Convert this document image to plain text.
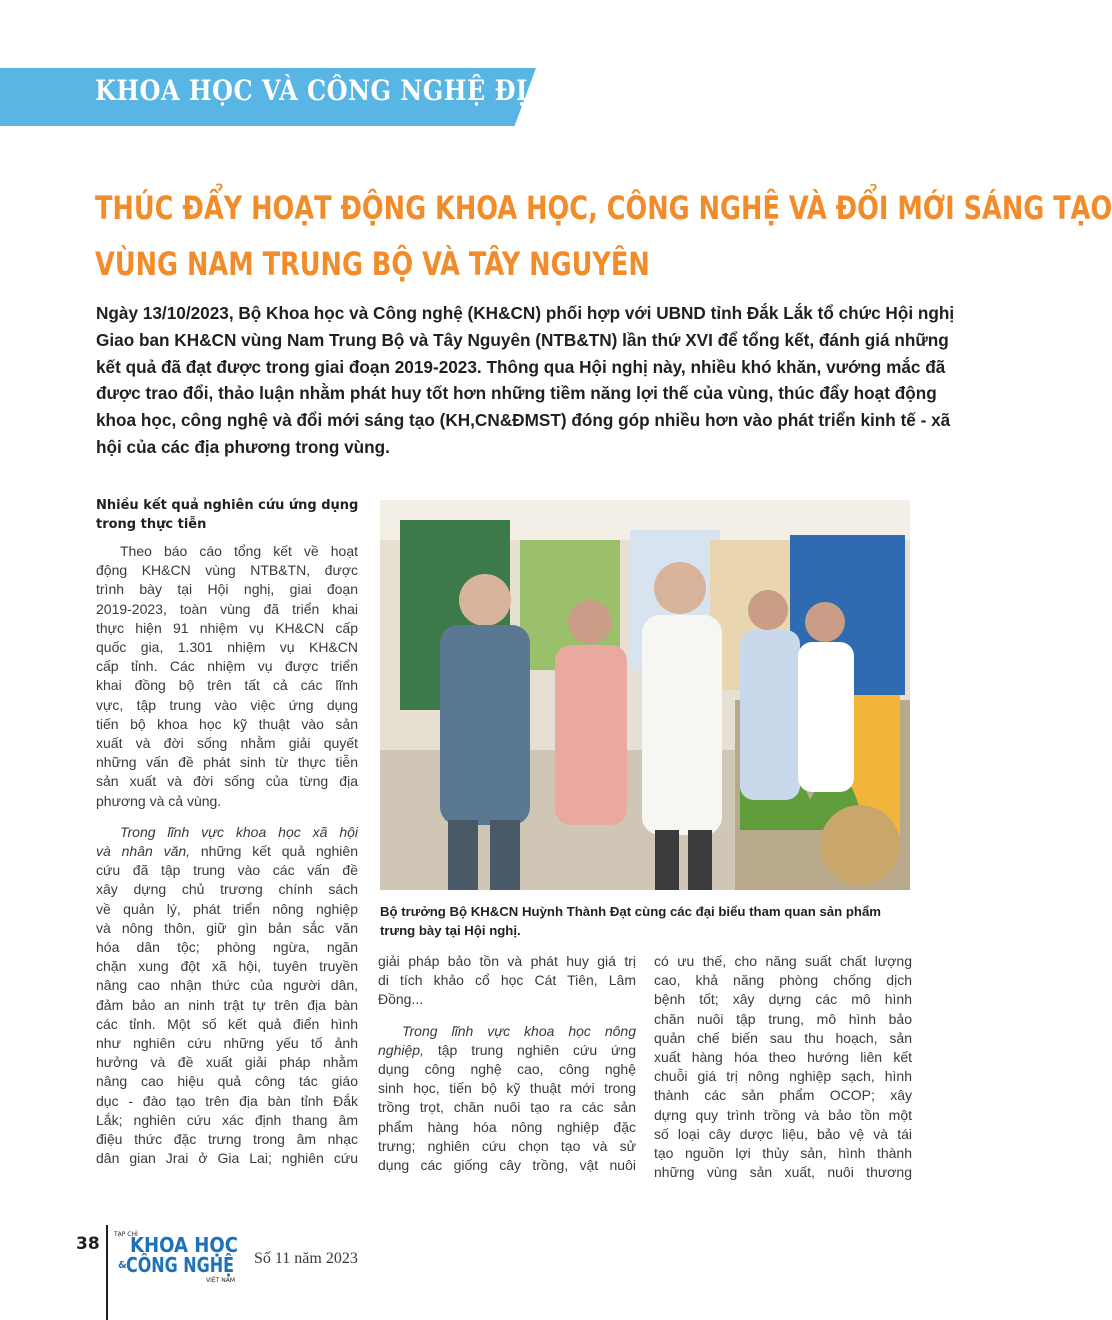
KHOA HỌC VÀ CÔNG NGHỆ ĐỊA PHƯƠNG
THÚC ĐẨY HOẠT ĐỘNG KHOA HỌC, CÔNG NGHỆ VÀ ĐỔI MỚI SÁNG TẠO
VÙNG NAM TRUNG BỘ VÀ TÂY NGUYÊN
Ngày 13/10/2023, Bộ Khoa học và Công nghệ (KH&CN) phối hợp với UBND tỉnh Đắk Lắk tổ chức Hội nghị
Giao ban KH&CN vùng Nam Trung Bộ và Tây Nguyên (NTB&TN) lần thứ XVI để tổng kết, đánh giá những
kết quả đã đạt được trong giai đoạn 2019-2023. Thông qua Hội nghị này, nhiều khó khăn, vướng mắc đã
được trao đổi, thảo luận nhằm phát huy tốt hơn những tiềm năng lợi thế của vùng, thúc đẩy hoạt động
khoa học, công nghệ và đổi mới sáng tạo (KH,CN&ĐMST) đóng góp nhiều hơn vào phát triển kinh tế - xã
hội của các địa phương trong vùng.
Nhiều kết quả nghiên cứu ứng dụng
trong thực tiễn
Theo báo cáo tổng kết về hoạt
động KH&CN vùng NTB&TN, được
trình bày tại Hội nghị, giai đoạn
2019-2023, toàn vùng đã triển khai
thực hiện 91 nhiệm vụ KH&CN cấp
quốc gia, 1.301 nhiệm vụ KH&CN
cấp tỉnh. Các nhiệm vụ được triển
khai đồng bộ trên tất cả các lĩnh
vực, tập trung vào việc ứng dụng
tiến bộ khoa học kỹ thuật vào sản
xuất và đời sống nhằm giải quyết
những vấn đề phát sinh từ thực tiễn
sản xuất và đời sống của từng địa
phương và cả vùng.
Trong lĩnh vực khoa học xã hội
và nhân văn, những kết quả nghiên
cứu đã tập trung vào các vấn đề
xây dựng chủ trương chính sách
về quản lý, phát triển nông nghiệp
và nông thôn, giữ gìn bản sắc văn
hóa dân tộc; phòng ngừa, ngăn
chặn xung đột xã hội, tuyên truyền
nâng cao nhận thức của người dân,
đảm bảo an ninh trật tự trên địa bàn
các tỉnh. Một số kết quả điển hình
như nghiên cứu những yếu tố ảnh
hưởng và đề xuất giải pháp nhằm
nâng cao hiệu quả công tác giáo
dục - đào tạo trên địa bàn tỉnh Đắk
Lắk; nghiên cứu xác định thang âm
điệu thức đặc trưng trong âm nhạc
dân gian Jrai ở Gia Lai; nghiên cứu
Bộ trưởng Bộ KH&CN Huỳnh Thành Đạt cùng các đại biểu tham quan sản phẩm
trưng bày tại Hội nghị.
giải pháp bảo tồn và phát huy giá trị
di tích khảo cổ học Cát Tiên, Lâm
Đồng...
Trong lĩnh vực khoa học nông
nghiệp, tập trung nghiên cứu ứng
dụng công nghệ cao, công nghệ
sinh học, tiến bộ kỹ thuật mới trong
trồng trọt, chăn nuôi tạo ra các sản
phẩm hàng hóa nông nghiệp đặc
trưng; nghiên cứu chọn tạo và sử
dụng các giống cây trồng, vật nuôi
có ưu thế, cho năng suất chất lượng
cao, khả năng phòng chống dịch
bệnh tốt; xây dựng các mô hình
chăn nuôi tập trung, mô hình bảo
quản chế biến sau thu hoạch, sản
xuất hàng hóa theo hướng liên kết
chuỗi giá trị nông nghiệp sạch, hình
thành các sản phẩm OCOP; xây
dựng quy trình trồng và bảo tồn một
số loại cây dược liệu, bảo vệ và tái
tạo nguồn lợi thủy sản, hình thành
những vùng sản xuất, nuôi thương
38 TẠP CHÍ
KHOA HỌC
& CÔNG NGHỆ
VIỆT NAM
Số 11 năm 2023
